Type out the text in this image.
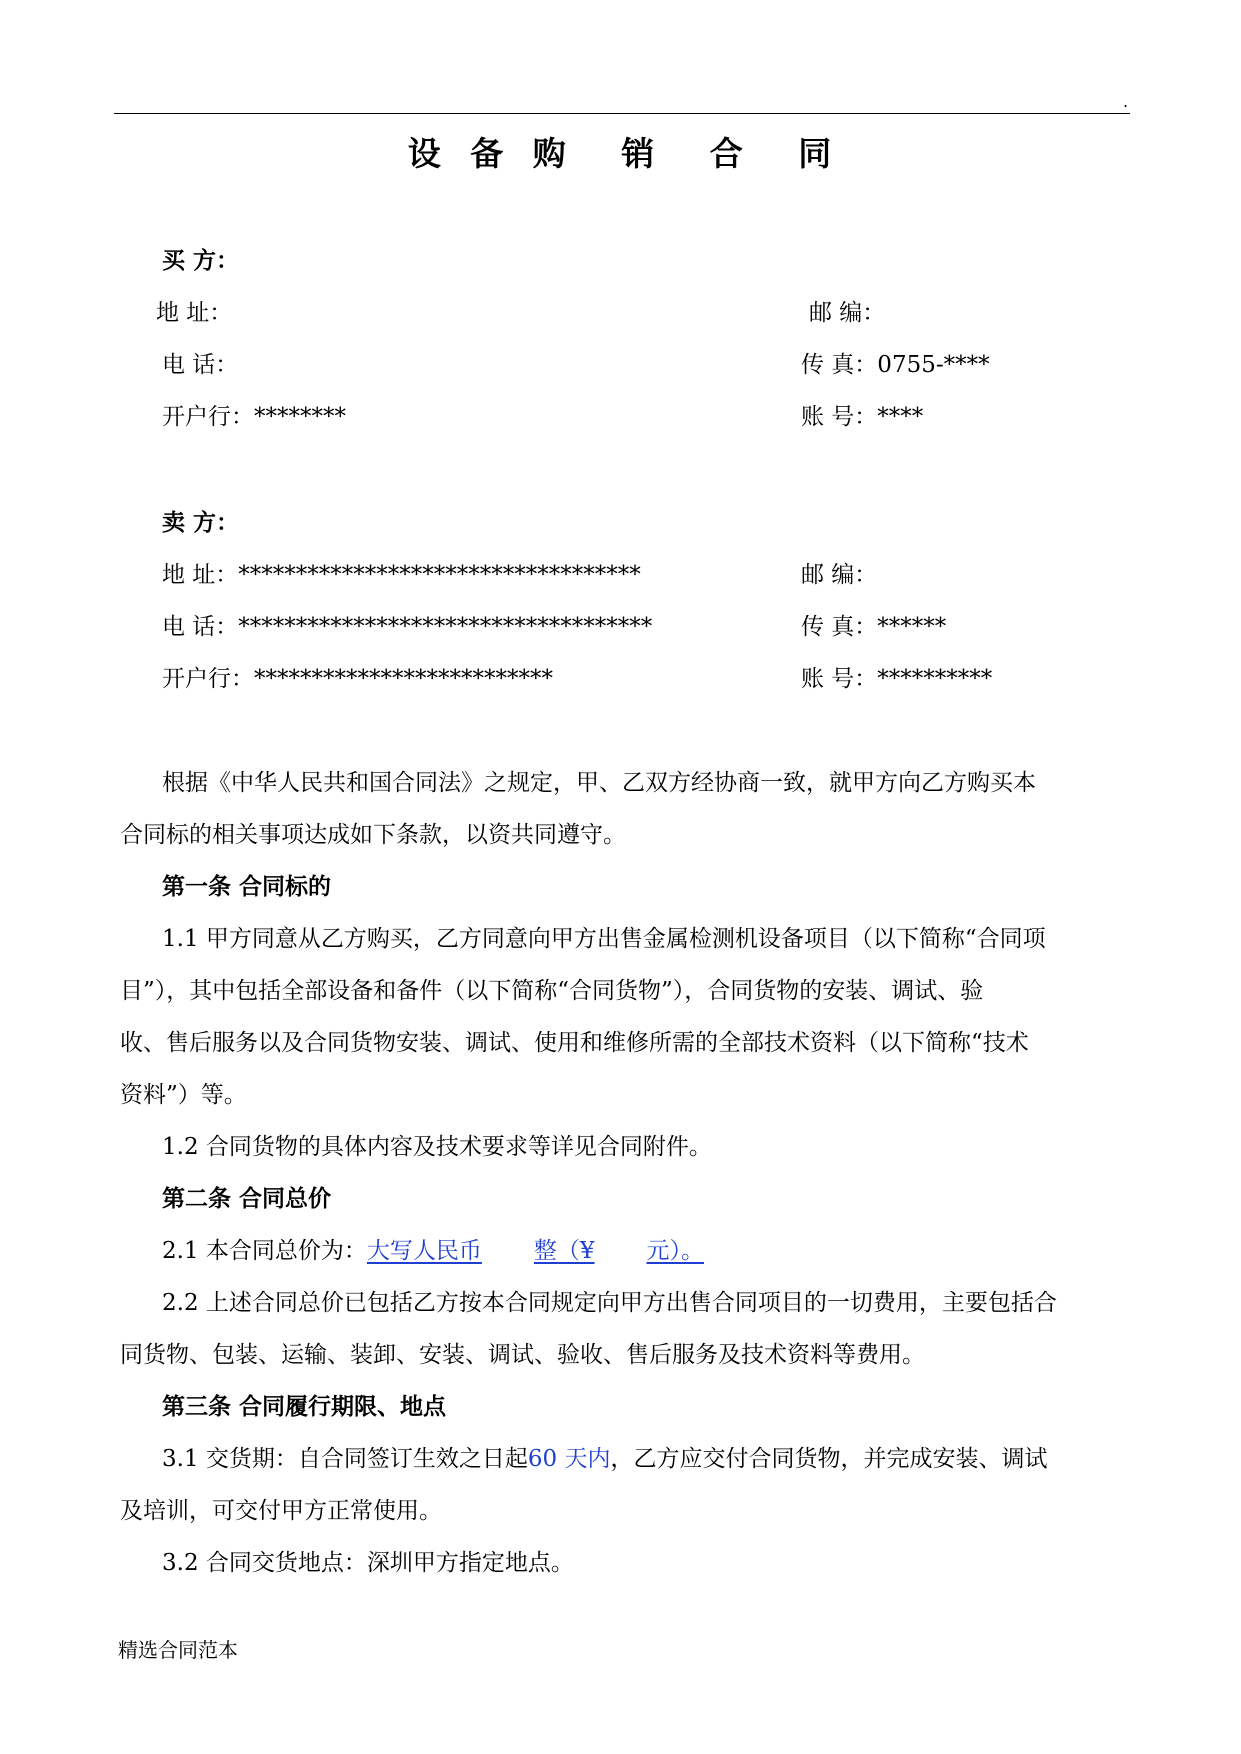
.
设 备 购 销 合 同
买 方：
地 址：	邮 编：
电 话：	传 真：0755-****
开户行：********	账 号：****
卖 方：
地 址：***********************************	邮 编：
电 话：************************************	传 真：******
开户行：**************************	账 号：**********
根据《中华人民共和国合同法》之规定，甲、乙双方经协商一致，就甲方向乙方购买本
合同标的相关事项达成如下条款，以资共同遵守。
第一条 合同标的
1.1 甲方同意从乙方购买，乙方同意向甲方出售金属检测机设备项目（以下简称“合同项
目”），其中包括全部设备和备件（以下简称“合同货物”），合同货物的安装、调试、验
收、售后服务以及合同货物安装、调试、使用和维修所需的全部技术资料（以下简称“技术
资料”）等。
1.2 合同货物的具体内容及技术要求等详见合同附件。
第二条 合同总价
2.1 本合同总价为：大写人民币 整（¥ 元）。
2.2 上述合同总价已包括乙方按本合同规定向甲方出售合同项目的一切费用，主要包括合
同货物、包装、运输、装卸、安装、调试、验收、售后服务及技术资料等费用。
第三条 合同履行期限、地点
3.1 交货期：自合同签订生效之日起60 天内，乙方应交付合同货物，并完成安装、调试
及培训，可交付甲方正常使用。
3.2 合同交货地点：深圳甲方指定地点。
精选合同范本
